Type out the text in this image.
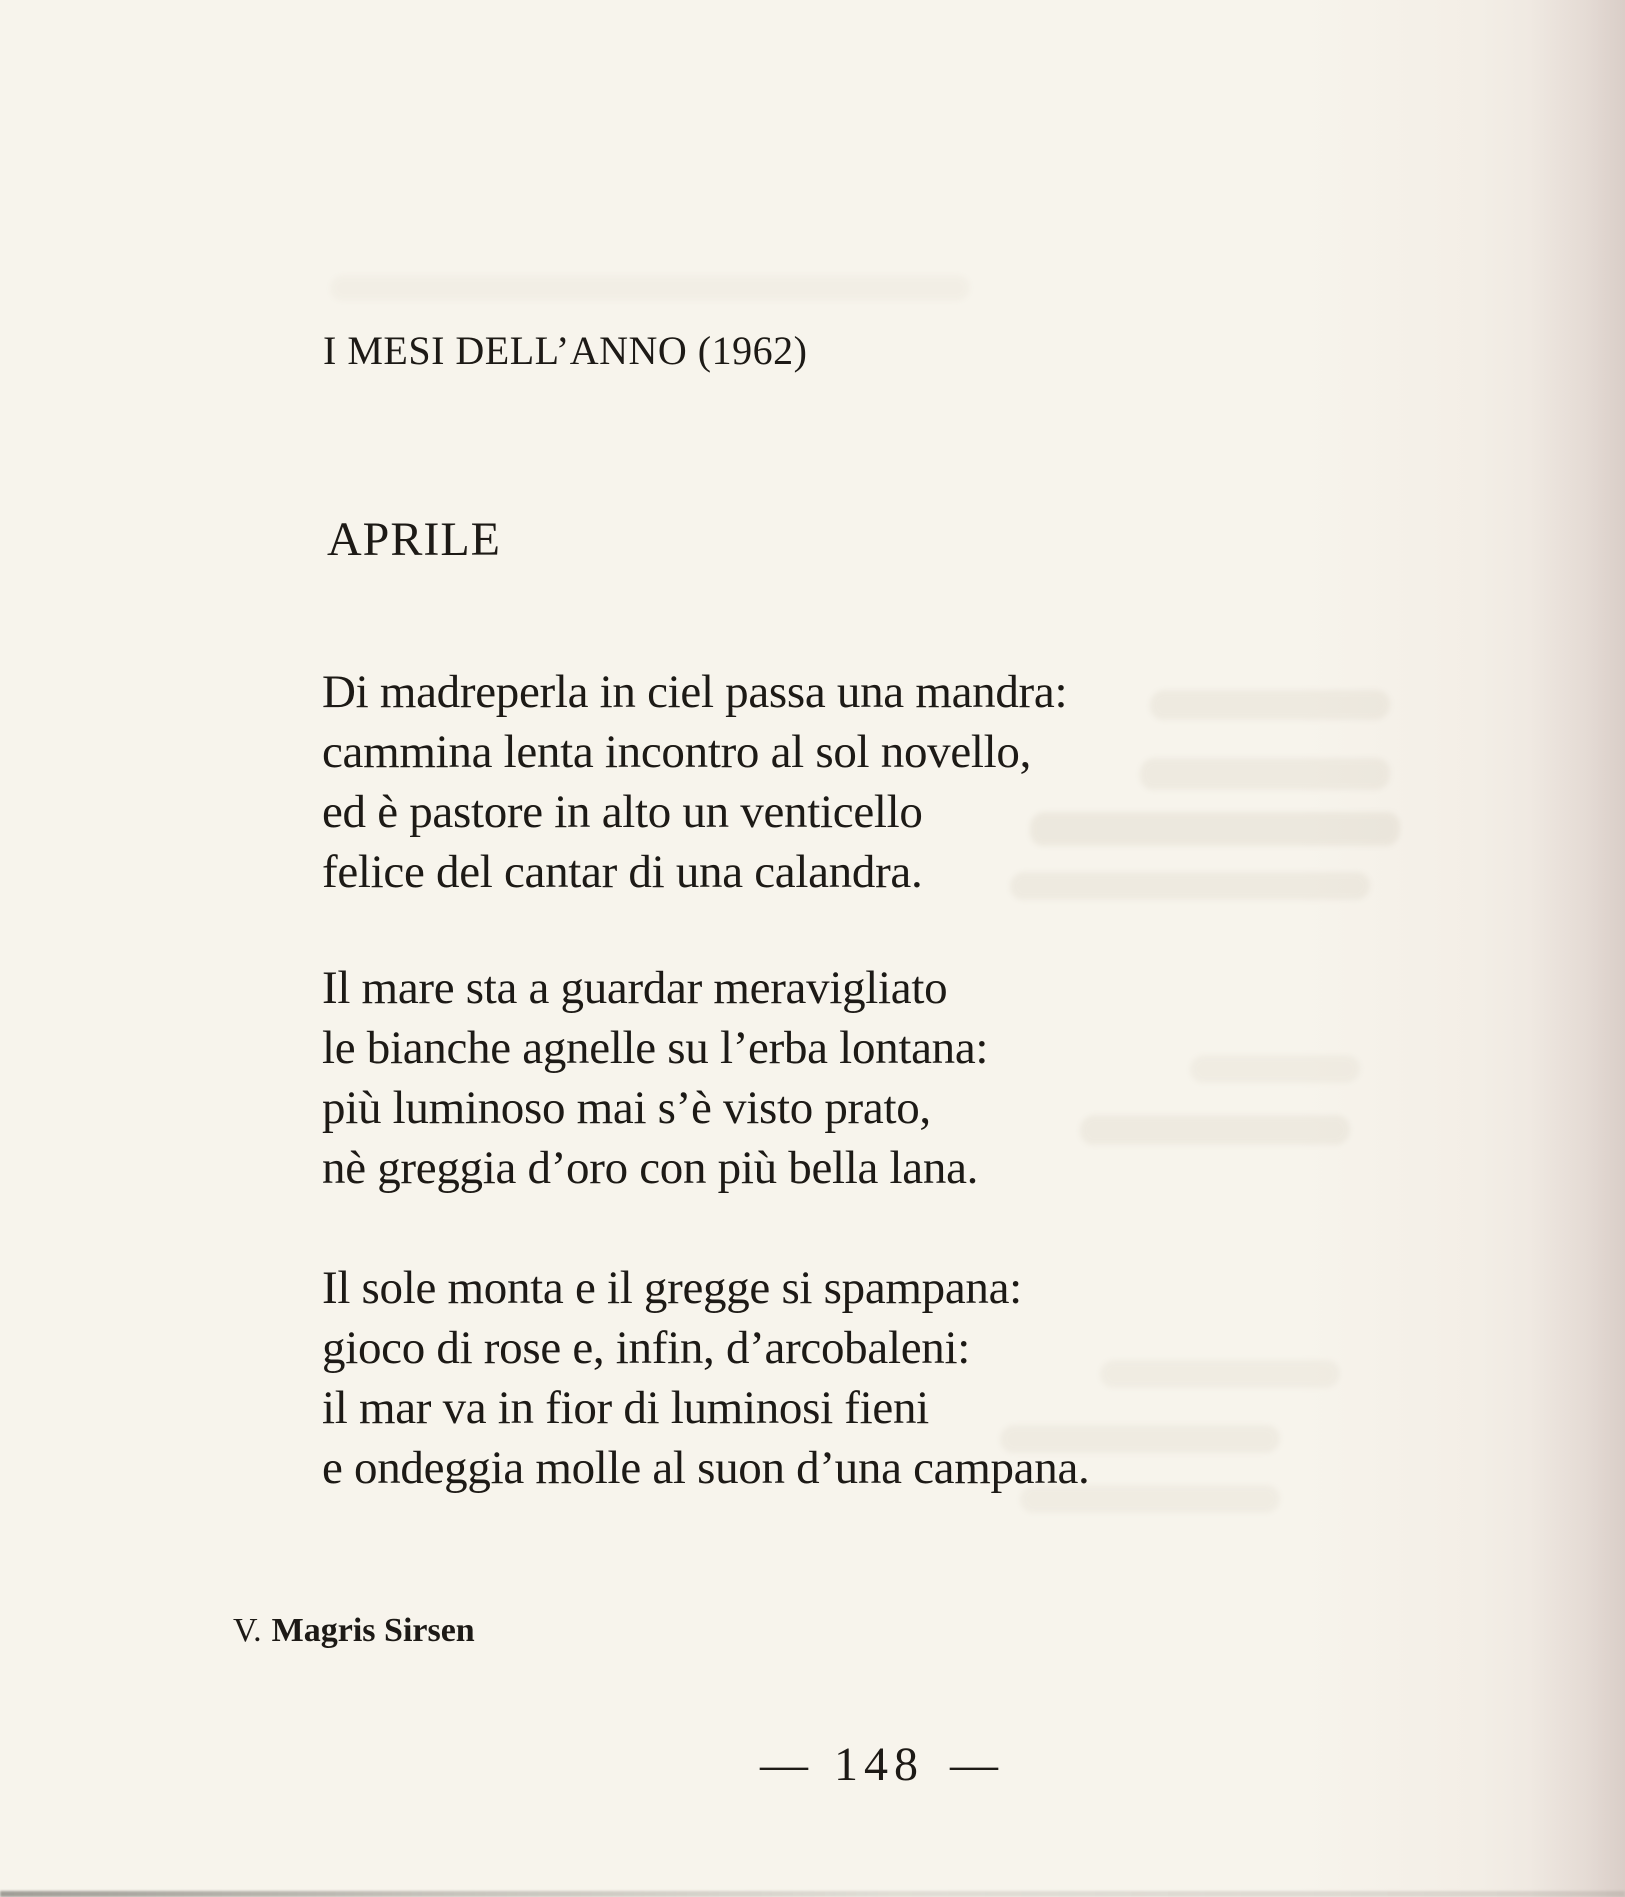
I MESI DELL’ANNO (1962)
APRILE
Di madreperla in ciel passa una mandra:
cammina lenta incontro al sol novello,
ed è pastore in alto un venticello
felice del cantar di una calandra.
Il mare sta a guardar meravigliato
le bianche agnelle su l’erba lontana:
più luminoso mai s’è visto prato,
nè greggia d’oro con più bella lana.
Il sole monta e il gregge si spampana:
gioco di rose e, infin, d’arcobaleni:
il mar va in fior di luminosi fieni
e ondeggia molle al suon d’una campana.
V. Magris Sirsen
— 148 —
